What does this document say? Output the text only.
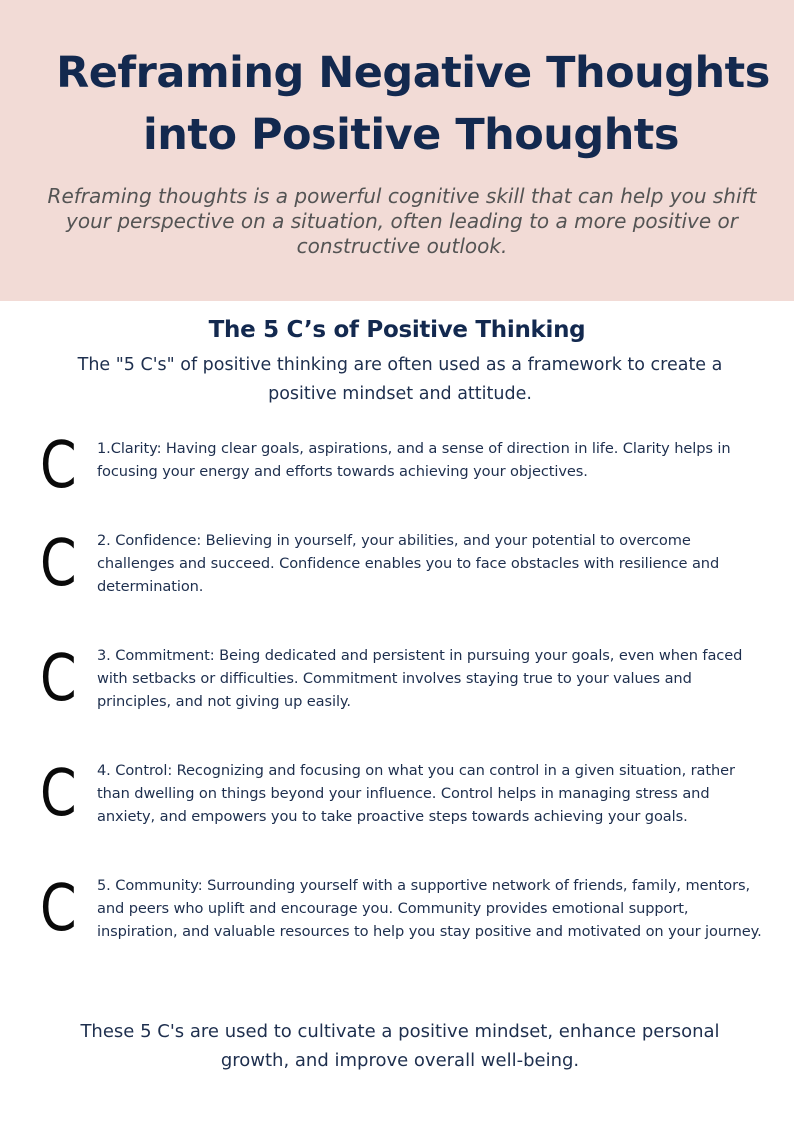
Reframing Negative Thoughts
into Positive Thoughts

Reframing thoughts is a powerful cognitive skill that can help you shift your perspective on a situation, often leading to a more positive or constructive outlook.

The 5 C’s of Positive Thinking

The "5 C's" of positive thinking are often used as a framework to create a positive mindset and attitude.

C 1.Clarity: Having clear goals, aspirations, and a sense of direction in life. Clarity helps in focusing your energy and efforts towards achieving your objectives.

C 2. Confidence: Believing in yourself, your abilities, and your potential to overcome challenges and succeed. Confidence enables you to face obstacles with resilience and determination.

C 3. Commitment: Being dedicated and persistent in pursuing your goals, even when faced with setbacks or difficulties. Commitment involves staying true to your values and principles, and not giving up easily.

C 4. Control: Recognizing and focusing on what you can control in a given situation, rather than dwelling on things beyond your influence. Control helps in managing stress and anxiety, and empowers you to take proactive steps towards achieving your goals.

C 5. Community: Surrounding yourself with a supportive network of friends, family, mentors, and peers who uplift and encourage you. Community provides emotional support, inspiration, and valuable resources to help you stay positive and motivated on your journey.

These 5 C's are used to cultivate a positive mindset, enhance personal growth, and improve overall well-being.
